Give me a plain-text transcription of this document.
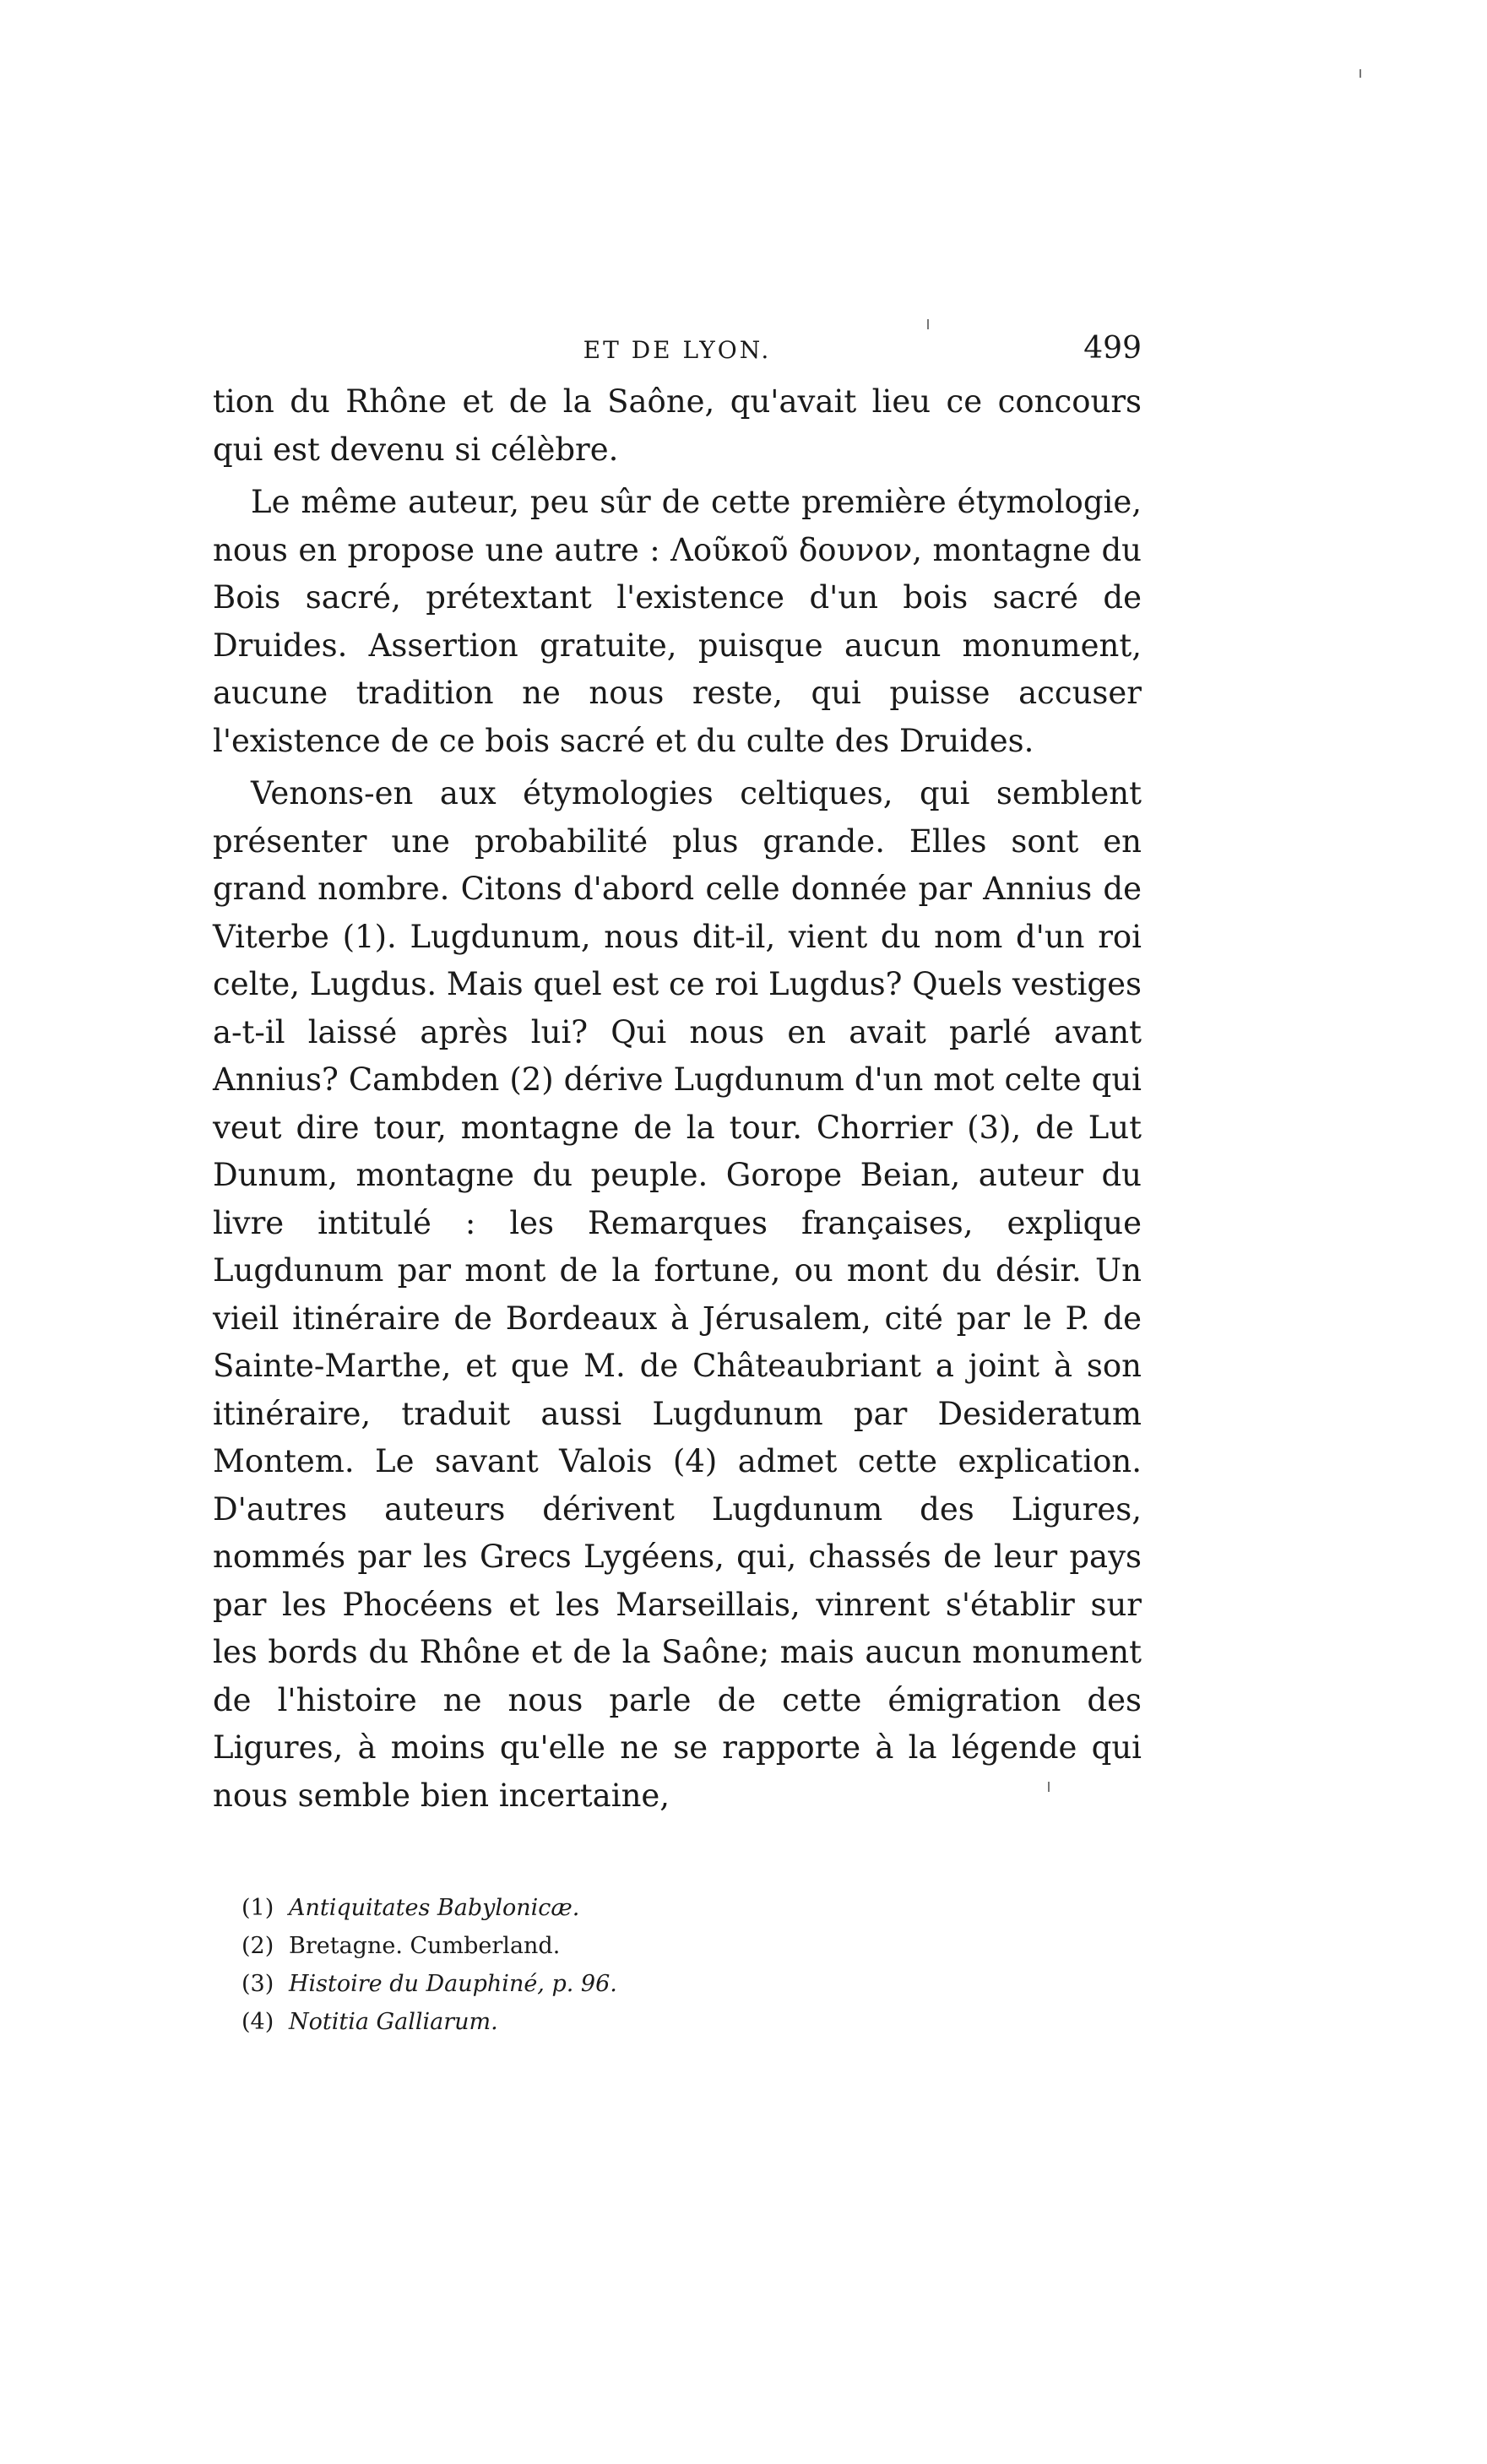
ET DE LYON.	499

tion du Rhône et de la Saône, qu'avait lieu ce concours qui est devenu si célèbre.

Le même auteur, peu sûr de cette première étymologie, nous en propose une autre : Λοῦκοῦ δουνον, montagne du Bois sacré, prétextant l'existence d'un bois sacré de Druides. Assertion gratuite, puisque aucun monument, aucune tradition ne nous reste, qui puisse accuser l'existence de ce bois sacré et du culte des Druides.

Venons-en aux étymologies celtiques, qui semblent présenter une probabilité plus grande. Elles sont en grand nombre. Citons d'abord celle donnée par Annius de Viterbe (1). Lugdunum, nous dit-il, vient du nom d'un roi celte, Lugdus. Mais quel est ce roi Lugdus? Quels vestiges a-t-il laissé après lui? Qui nous en avait parlé avant Annius? Cambden (2) dérive Lugdunum d'un mot celte qui veut dire tour, montagne de la tour. Chorrier (3), de Lut Dunum, montagne du peuple. Gorope Beian, auteur du livre intitulé : les Remarques françaises, explique Lugdunum par mont de la fortune, ou mont du désir. Un vieil itinéraire de Bordeaux à Jérusalem, cité par le P. de Sainte-Marthe, et que M. de Châteaubriant a joint à son itinéraire, traduit aussi Lugdunum par Desideratum Montem. Le savant Valois (4) admet cette explication. D'autres auteurs dérivent Lugdunum des Ligures, nommés par les Grecs Lygéens, qui, chassés de leur pays par les Phocéens et les Marseillais, vinrent s'établir sur les bords du Rhône et de la Saône; mais aucun monument de l'histoire ne nous parle de cette émigration des Ligures, à moins qu'elle ne se rapporte à la légende qui nous semble bien incertaine,

(1) Antiquitates Babylonicæ.
(2) Bretagne. Cumberland.
(3) Histoire du Dauphiné, p. 96.
(4) Notitia Galliarum.
